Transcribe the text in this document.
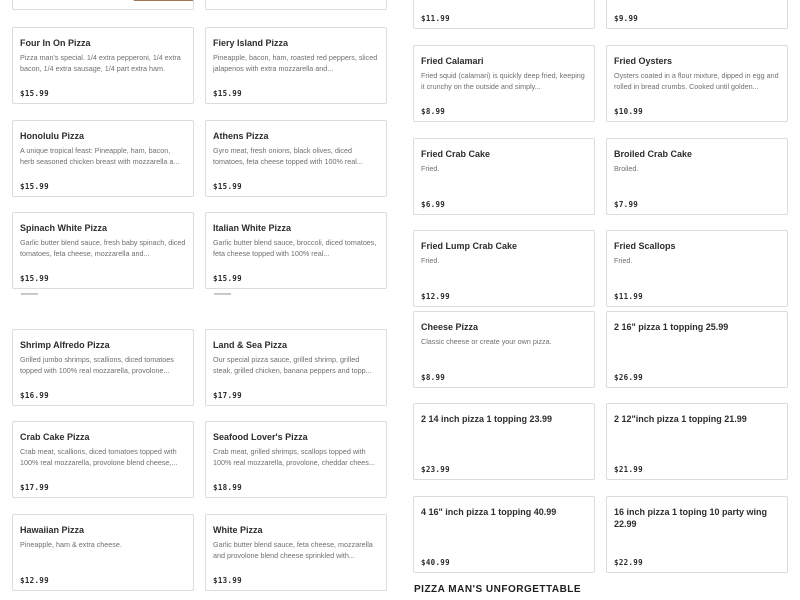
Four In On Pizza
Pizza man's special. 1/4 extra pepperoni, 1/4 extra bacon, 1/4 extra sausage, 1/4 part extra ham.
$15.99
Fiery Island Pizza
Pineapple, bacon, ham, roasted red peppers, sliced jalapenos with extra mozzarella and...
$15.99
Honolulu Pizza
A unique tropical feast: Pineapple, ham, bacon, herb seasoned chicken breast with mozzarella a...
$15.99
Athens Pizza
Gyro meat, fresh onions, black olives, diced tomatoes, feta cheese topped with 100% real...
$15.99
Spinach White Pizza
Garlic butter blend sauce, fresh baby spinach, diced tomatoes, feta cheese, mozzarella and...
$15.99
Italian White Pizza
Garlic butter blend sauce, broccoli, diced tomatoes, feta cheese topped with 100% real...
$15.99
▔▔▔▔	▔▔▔▔
Shrimp Alfredo Pizza
Grilled jumbo shrimps, scallions, diced tomatoes topped with 100% real mozzarella, provolone...
$16.99
Land & Sea Pizza
Our special pizza sauce, grilled shrimp, grilled steak, grilled chicken, banana peppers and topp...
$17.99
Crab Cake Pizza
Crab meat, scallions, diced tomatoes topped with 100% real mozzarella, provolone blend cheese,...
$17.99
Seafood Lover's Pizza
Crab meat, grilled shrimps, scallops topped with 100% real mozzarella, provolone, cheddar chees...
$18.99
Hawaiian Pizza
Pineapple, ham & extra cheese.
$12.99
White Pizza
Garlic butter blend sauce, feta cheese, mozzarella and provolone blend cheese sprinkled with...
$13.99
$11.99	$9.99
Fried Calamari
Fried squid (calamari) is quickly deep fried, keeping it crunchy on the outside and simply...
$8.99
Fried Oysters
Oysters coated in a flour mixture, dipped in egg and rolled in bread crumbs. Cooked until golden...
$10.99
Fried Crab Cake
Fried.
$6.99
Broiled Crab Cake
Broiled.
$7.99
Fried Lump Crab Cake
Fried.
$12.99
Fried Scallops
Fried.
$11.99
Cheese Pizza
Classic cheese or create your own pizza.
$8.99
2 16" pizza 1 topping 25.99
$26.99
2 14 inch pizza 1 topping 23.99
$23.99
2 12"inch pizza 1 topping 21.99
$21.99
4 16" inch pizza 1 topping 40.99
$40.99
16 inch pizza 1 toping 10 party wing 22.99
$22.99
PIZZA MAN'S UNFORGETTABLE
